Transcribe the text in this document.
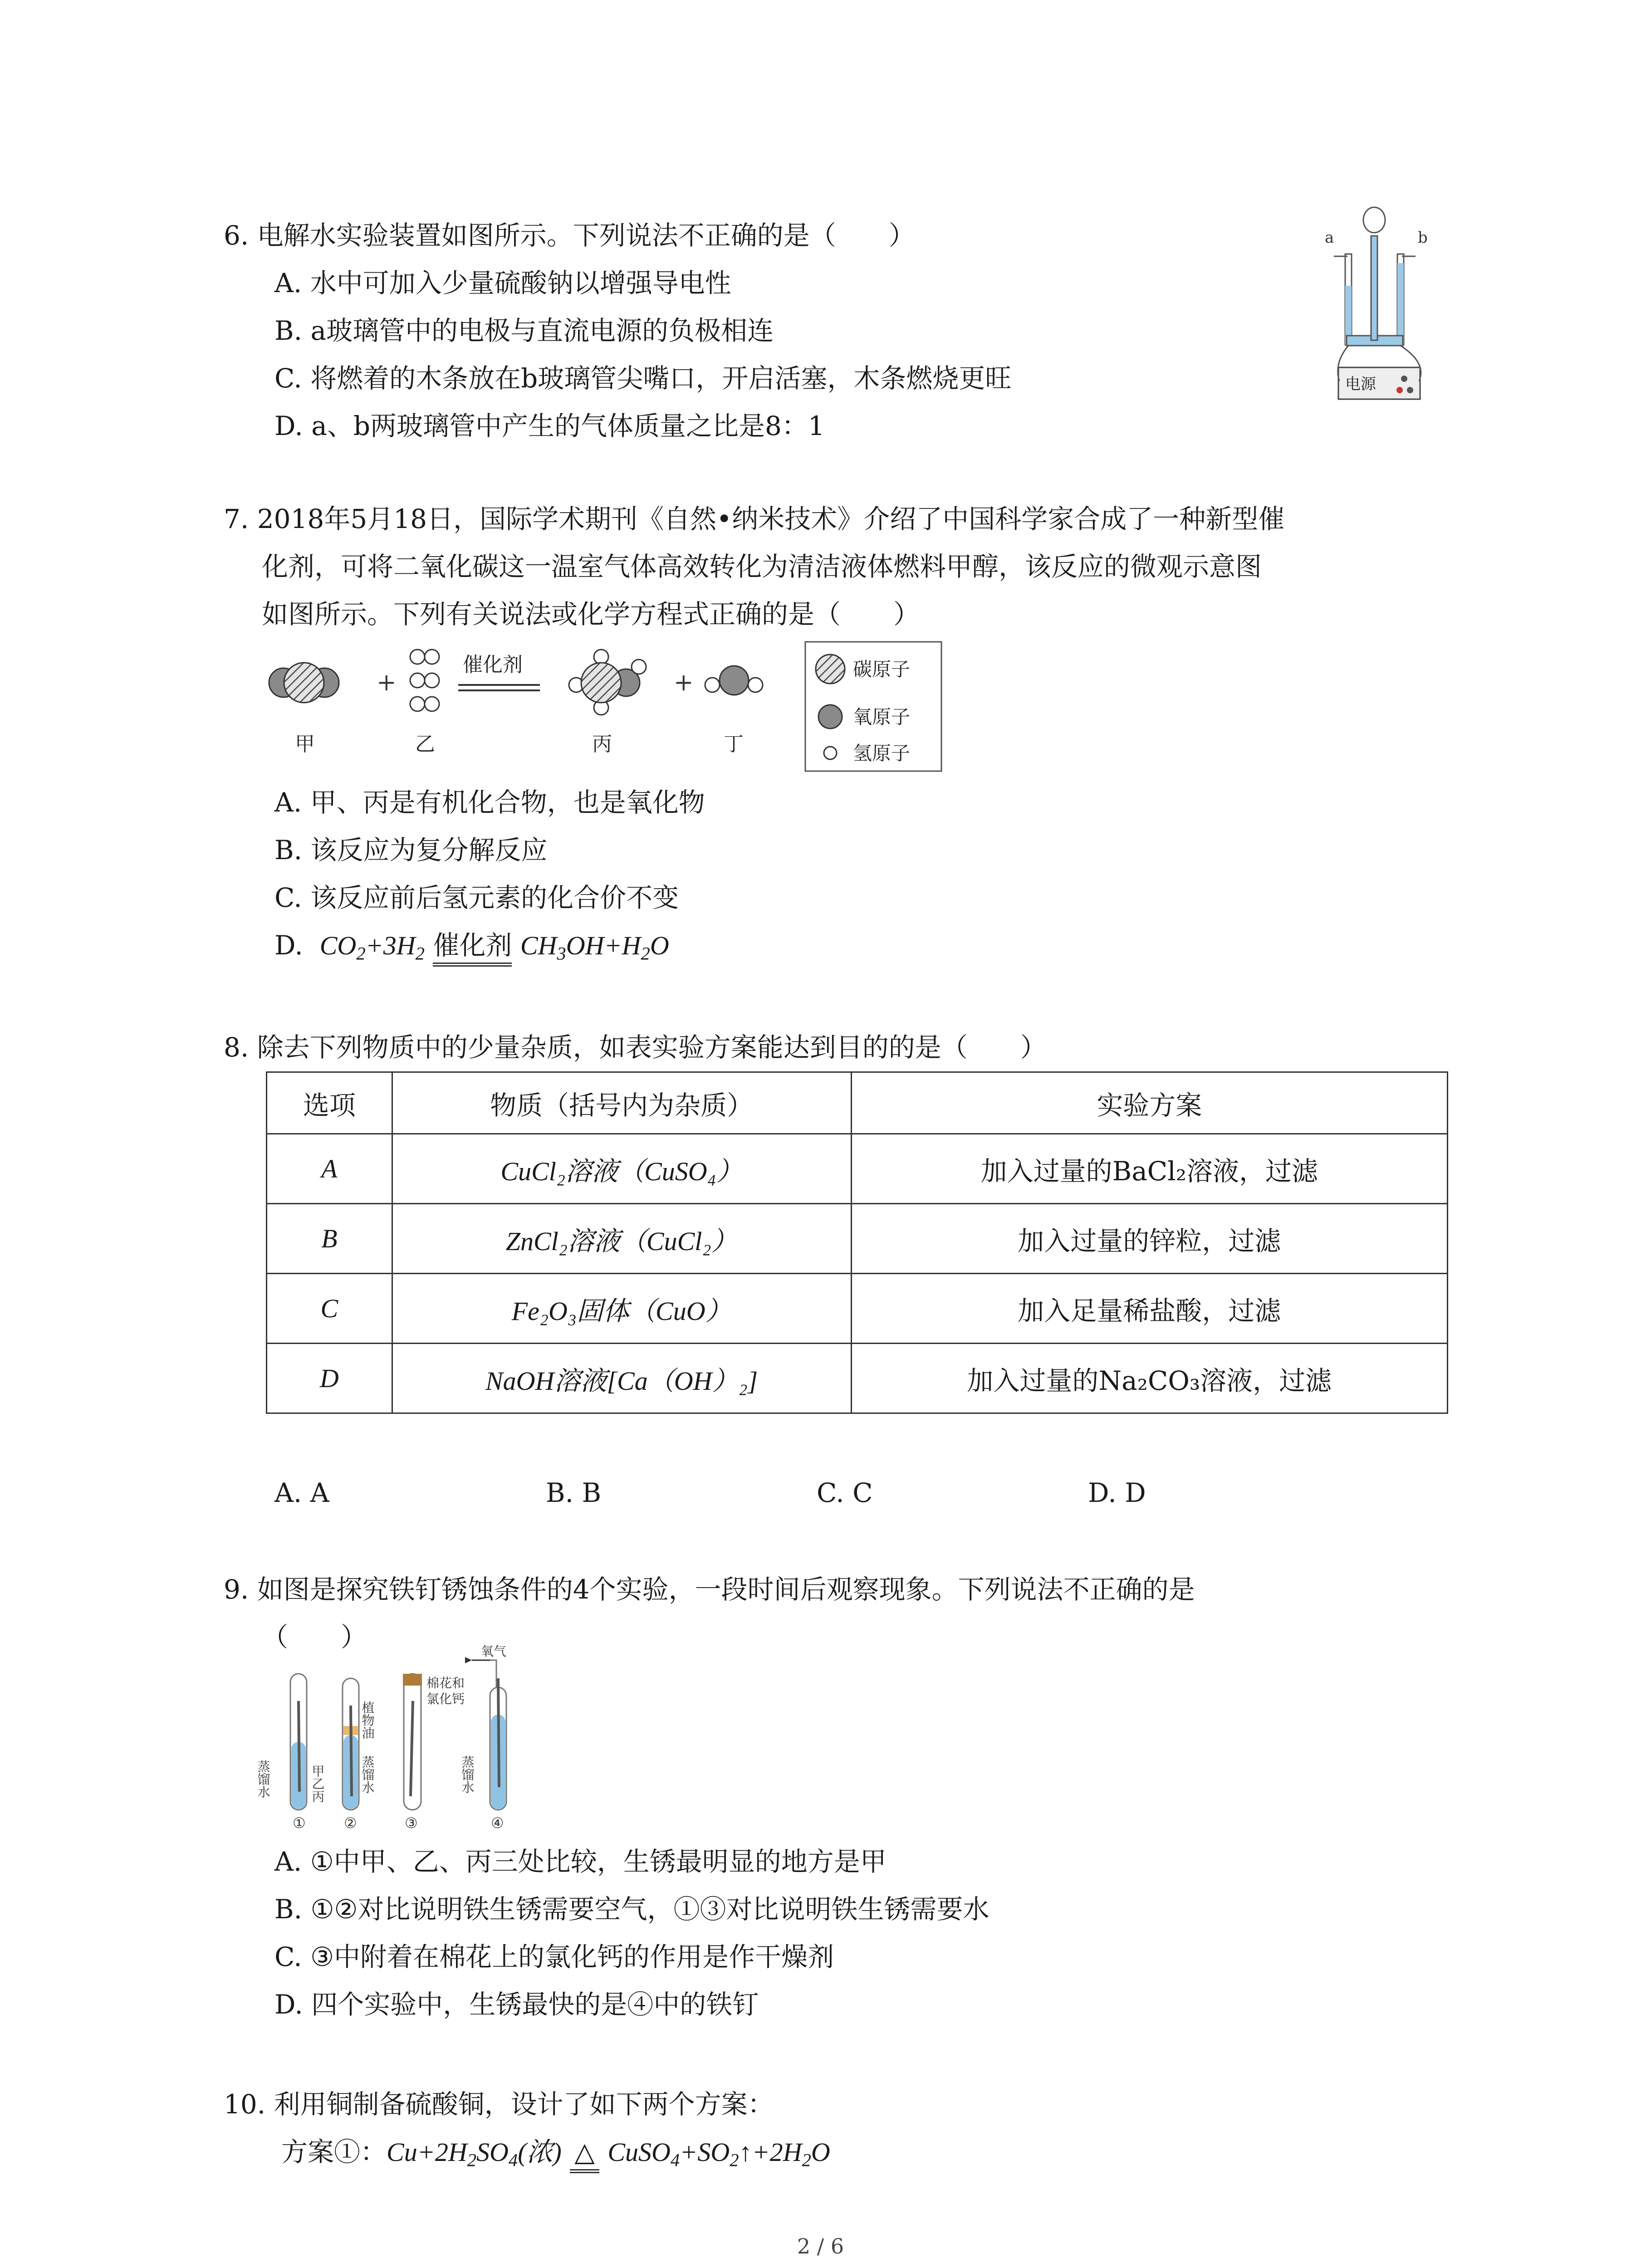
6. 电解水实验装置如图所示。下列说法不正确的是（　　）
A. 水中可加入少量硫酸钠以增强导电性
B. a玻璃管中的电极与直流电源的负极相连
C. 将燃着的木条放在b玻璃管尖嘴口，开启活塞，木条燃烧更旺
D. a、b两玻璃管中产生的气体质量之比是8：1
a	b
电源
7. 2018年5月18日，国际学术期刊《自然•纳米技术》介绍了中国科学家合成了一种新型催
化剂，可将二氧化碳这一温室气体高效转化为清洁液体燃料甲醇，该反应的微观示意图
如图所示。下列有关说法或化学方程式正确的是（　　）
+
催化剂
+
甲	乙	丙	丁
碳原子
氧原子
氢原子
A. 甲、丙是有机化合物，也是氧化物
B. 该反应为复分解反应
C. 该反应前后氢元素的化合价不变
D. $CO_2+3H_2$ 催化剂 $CH_3OH+H_2O$
8. 除去下列物质中的少量杂质，如表实验方案能达到目的的是（　　）
选项	物质（括号内为杂质）	实验方案
A	CuCl₂溶液（CuSO₄）	加入过量的BaCl₂溶液，过滤
B	ZnCl₂溶液（CuCl₂）	加入过量的锌粒，过滤
C	Fe₂O₃固体（CuO）	加入足量稀盐酸，过滤
D	NaOH溶液[Ca（OH）₂]	加入过量的Na₂CO₃溶液，过滤
A. A	B. B	C. C	D. D
9. 如图是探究铁钉锈蚀条件的4个实验，一段时间后观察现象。下列说法不正确的是
（　　）
蒸馏水	甲乙丙
①
植物油
蒸馏水
②
棉花和
氯化钙
③
氧气
蒸馏水
④
A. ①中甲、乙、丙三处比较，生锈最明显的地方是甲
B. ①②对比说明铁生锈需要空气，①③对比说明铁生锈需要水
C. ③中附着在棉花上的氯化钙的作用是作干燥剂
D. 四个实验中，生锈最快的是④中的铁钉
10. 利用铜制备硫酸铜，设计了如下两个方案：
方案①：$Cu+2H_2SO_4$(浓) △ $CuSO_4+SO_2↑+2H_2O$
2 / 6
